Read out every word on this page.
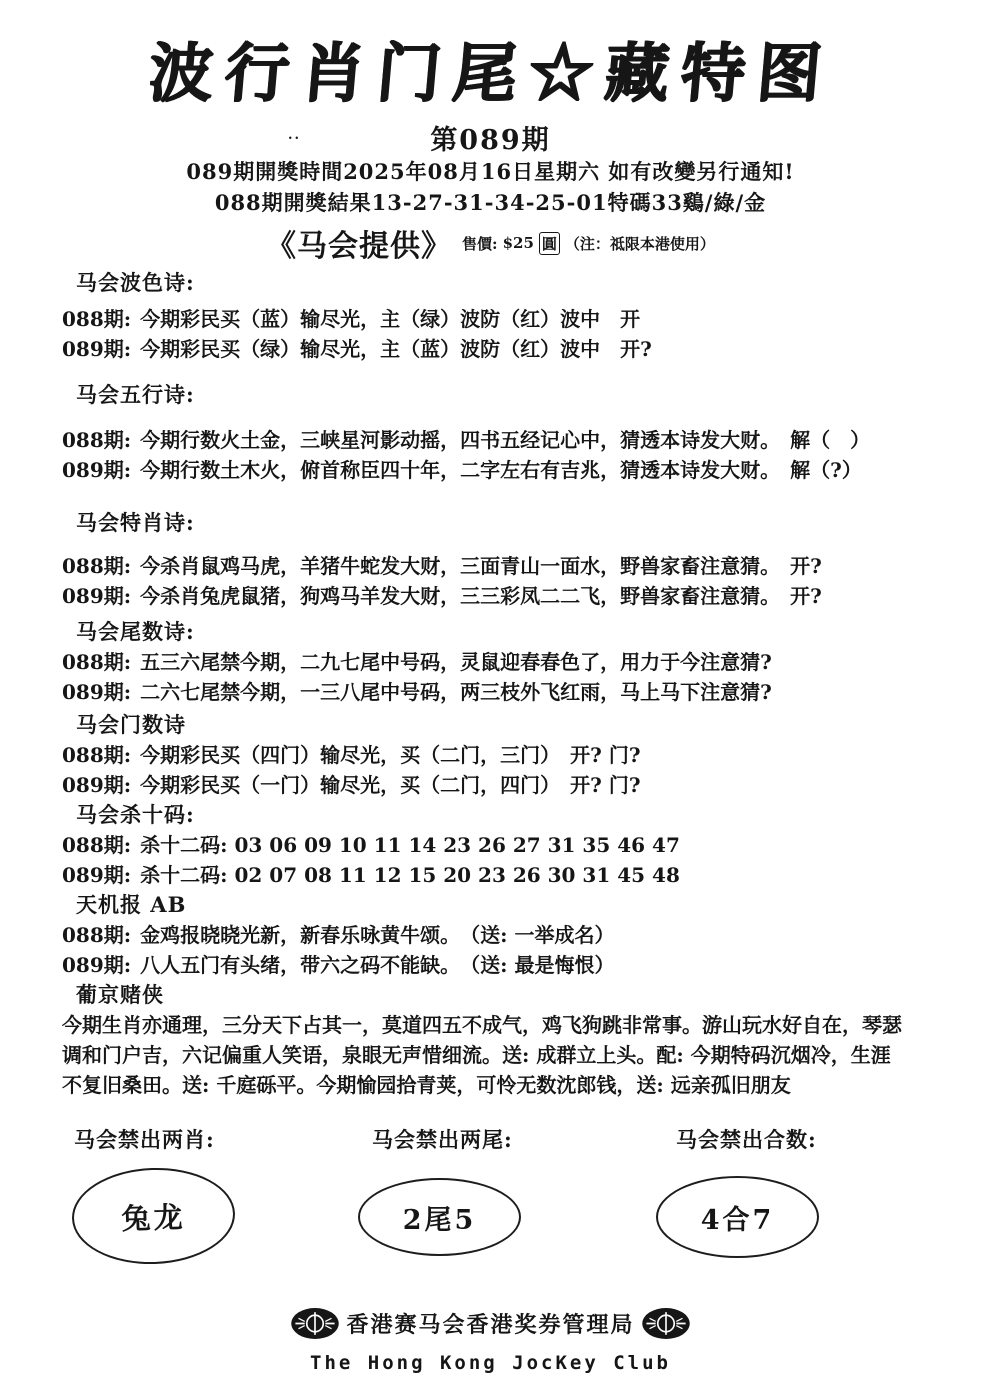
波行肖门尾☆藏特图
..	第089期
089期開獎時間2025年08月16日星期六 如有改變另行通知!
088期開獎結果13-27-31-34-25-01特碼33鷄/綠/金
《马会提供》 售價: $25 圓 （注：祗限本港使用）
马会波色诗:
088期: 今期彩民买（蓝）输尽光，主（绿）波防（红）波中　开
089期: 今期彩民买（绿）输尽光，主（蓝）波防（红）波中　开?
马会五行诗:
088期: 今期行数火土金，三峡星河影动摇，四书五经记心中，猜透本诗发大财。　解（　）
089期: 今期行数土木火，俯首称臣四十年，二字左右有吉兆，猜透本诗发大财。　解（?）
马会特肖诗:
088期: 今杀肖鼠鸡马虎，羊猪牛蛇发大财，三面青山一面水，野兽家畜注意猜。　开?
089期: 今杀肖兔虎鼠猪，狗鸡马羊发大财，三三彩凤二二飞，野兽家畜注意猜。　开?
马会尾数诗:
088期: 五三六尾禁今期，二九七尾中号码，灵鼠迎春春色了，用力于今注意猜?
089期: 二六七尾禁今期，一三八尾中号码，两三枝外飞红雨，马上马下注意猜?
马会门数诗
088期: 今期彩民买（四门）输尽光，买（二门，三门）　开? 门?
089期: 今期彩民买（一门）输尽光，买（二门，四门）　开? 门?
马会杀十码:
088期: 杀十二码: 03 06 09 10 11 14 23 26 27 31 35 46 47
089期: 杀十二码: 02 07 08 11 12 15 20 23 26 30 31 45 48
天机报 AB
088期: 金鸡报晓晓光新，新春乐咏黄牛颂。　（送: 一举成名）
089期: 八人五门有头绪，带六之码不能缺。　（送: 最是悔恨）
葡京赌侠
今期生肖亦通理，三分天下占其一，莫道四五不成气，鸡飞狗跳非常事。游山玩水好自在，琴瑟
调和门户吉，六记偏重人笑语，泉眼无声惜细流。送: 成群立上头。配: 今期特码沉烟冷，生涯
不复旧桑田。送: 千庭砾平。今期愉园拾青荚，可怜无数沈郎钱，送: 远亲孤旧朋友
马会禁出两肖:	马会禁出两尾:	马会禁出合数:
兔龙	2尾5	4合7
香港赛马会香港奖券管理局
The Hong Kong JocKey Club
